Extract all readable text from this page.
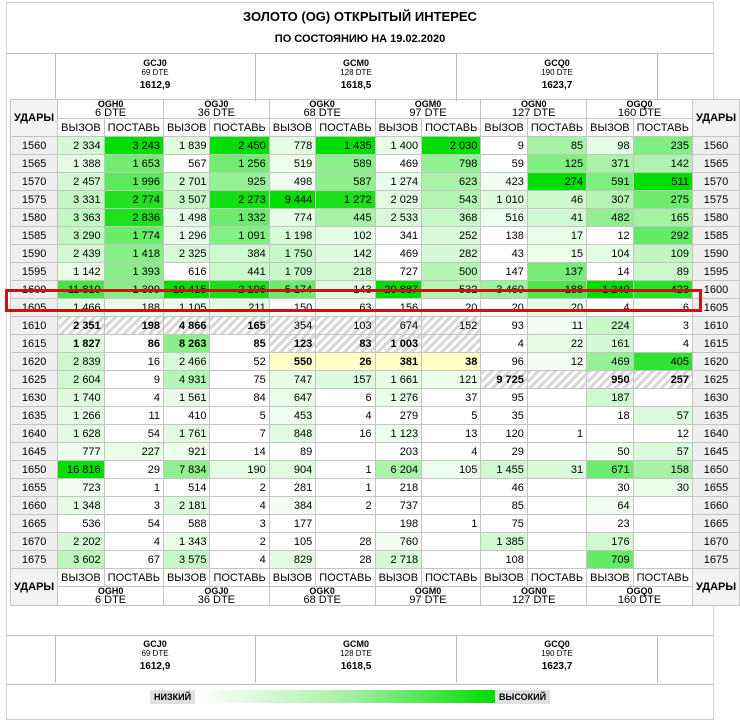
ЗОЛОТО (OG) ОТКРЫТЫЙ ИНТЕРЕС
ПО СОСТОЯНИЮ НА 19.02.2020
GCJ0
69 DTE
1612,9
GCM0
128 DTE
1618,5
GCQ0
190 DTE
1623,7
GCJ0
69 DTE
1612,9
GCM0
128 DTE
1618,5
GCQ0
190 DTE
1623,7
УДАРЫ	OGH0
6 DTE		OGJ0
36 DTE		OGK0
68 DTE		OGM0
97 DTE		OGN0
127 DTE		OGQ0
160 DTE		УДАРЫ
	ВЫЗОВ	ПОСТАВЬ	ВЫЗОВ	ПОСТАВЬ	ВЫЗОВ	ПОСТАВЬ	ВЫЗОВ	ПОСТАВЬ	ВЫЗОВ	ПОСТАВЬ	ВЫЗОВ	ПОСТАВЬ	
1560	2 334	3 243	1 839	2 450	778	1 435	1 400	2 030	9	85	98	235	1560
1565	1 388	1 653	567	1 256	519	589	469	798	59	125	371	142	1565
1570	2 457	1 996	2 701	925	498	587	1 274	623	423	274	591	511	1570
1575	3 331	2 774	3 507	2 273	9 444	1 272	2 029	543	1 010	46	307	275	1575
1580	3 363	2 836	1 498	1 332	774	445	2 533	368	516	41	482	165	1580
1585	3 290	1 774	1 296	1 091	1 198	102	341	252	138	17	12	292	1585
1590	2 439	1 418	2 325	384	1 750	142	469	282	43	15	104	109	1590
1595	1 142	1 393	616	441	1 709	218	727	500	147	137	14	89	1595
1600	11 810	1 399	19 415	2 196	5 174	143	20 887	532	3 460	188	1 240	423	1600
1605	1 466	188	1 105	211	150	63	156	20	20	20	4	6	1605
1610	2 351	198	4 866	165	354	103	674	152	93	11	224	3	1610
1615	1 827	86	8 263	85	123	83	1 003		4	22	161	4	1615
1620	2 839	16	2 466	52	550	26	381	38	96	12	469	405	1620
1625	2 604	9	4 931	75	747	157	1 661	121	9 725		950	257	1625
1630	1 740	4	1 561	84	647	6	1 276	37	95		187		1630
1635	1 266	11	410	5	453	4	279	5	35		18	57	1635
1640	1 628	54	1 761	7	848	16	1 123	13	120	1		12	1640
1645	777	227	921	14	89		203	4	29		50	57	1645
1650	16 816	29	7 834	190	904	1	6 204	105	1 455	31	671	158	1650
1655	723	1	514	2	281	1	218		46		30	30	1655
1660	1 348	3	2 181	4	384	2	737		85		64		1660
1665	536	54	588	3	177		198	1	75		23		1665
1670	2 202	4	1 343	2	105	28	760		1 385		176		1670
1675	3 602	67	3 575	4	829	28	2 718		108		709		1675
УДАРЫ	ВЫЗОВ	ПОСТАВЬ	ВЫЗОВ	ПОСТАВЬ	ВЫЗОВ	ПОСТАВЬ	ВЫЗОВ	ПОСТАВЬ	ВЫЗОВ	ПОСТАВЬ	ВЫЗОВ	ПОСТАВЬ	УДАРЫ
	OGH0
6 DTE		OGJ0
36 DTE		OGK0
68 DTE		OGM0
97 DTE		OGN0
127 DTE		OGQ0
160 DTE		
НИЗКИЙ	ВЫСОКИЙ
